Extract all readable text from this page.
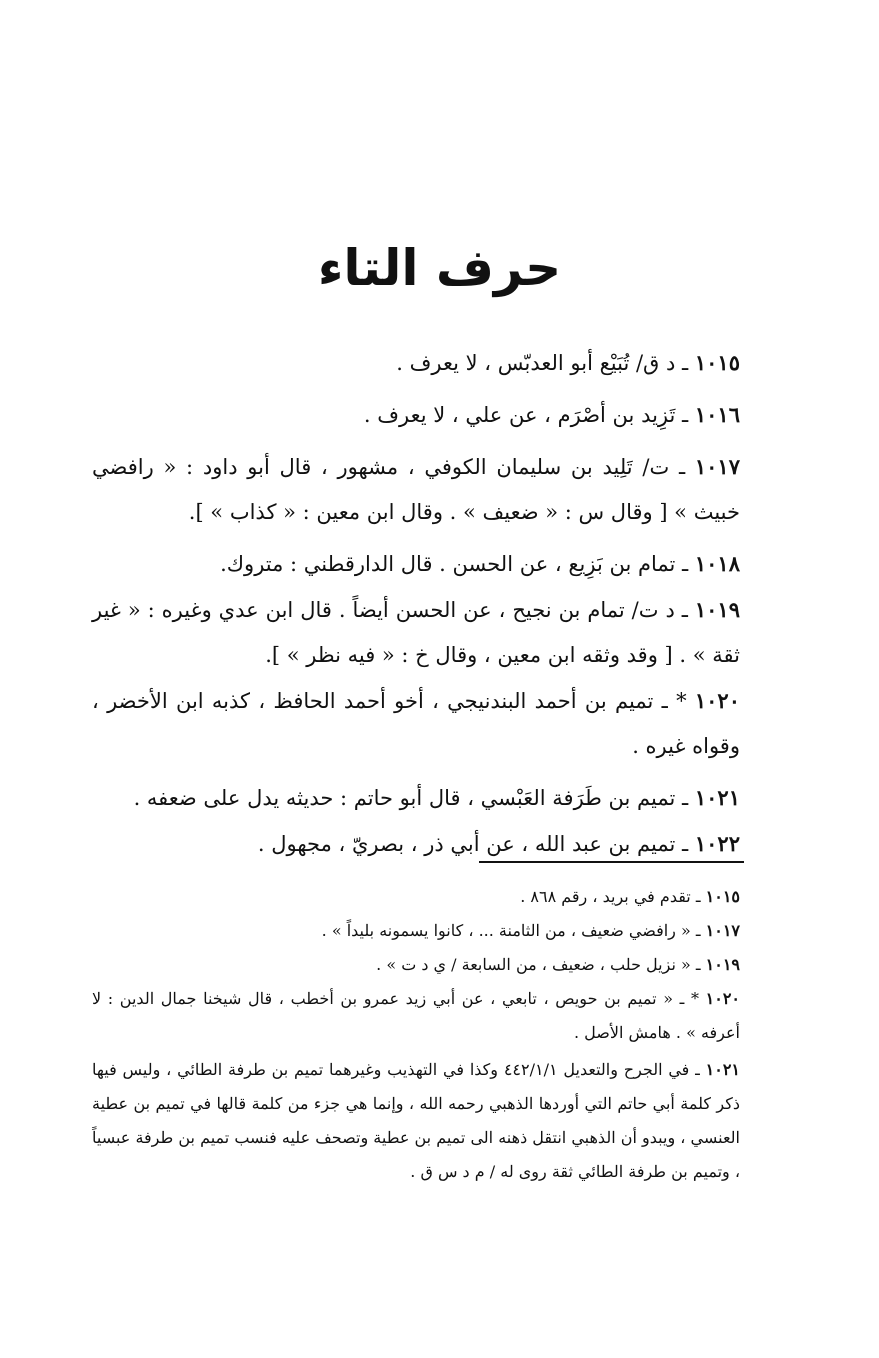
حرف التاء

١٠١٥ ـ د ق/ تُبَيْع أبو العدبّس ، لا يعرف .

١٠١٦ ـ تَزِيد بن أصْرَم ، عن علي ، لا يعرف .

١٠١٧ ـ ت/ تَلِيد بن سليمان الكوفي ، مشهور ، قال أبو داود : « رافضي خبيث » [ وقال س : « ضعيف » . وقال ابن معين : « كذاب » ].

١٠١٨ ـ تمام بن بَزِيع ، عن الحسن . قال الدارقطني : متروك.

١٠١٩ ـ د ت/ تمام بن نجيح ، عن الحسن أيضاً . قال ابن عدي وغيره : « غير ثقة » . [ وقد وثقه ابن معين ، وقال خ : « فيه نظر » ].

١٠٢٠ * ـ تميم بن أحمد البندنيجي ، أخو أحمد الحافظ ، كذبه ابن الأخضر ، وقواه غيره .

١٠٢١ ـ تميم بن طَرَفة العَبْسي ، قال أبو حاتم : حديثه يدل على ضعفه .

١٠٢٢ ـ تميم بن عبد الله ، عن أبي ذر ، بصريّ ، مجهول .

١٠١٥ ـ تقدم في بريد ، رقم ٨٦٨ .

١٠١٧ ـ « رافضي ضعيف ، من الثامنة ... ، كانوا يسمونه بليداً » .

١٠١٩ ـ « نزيل حلب ، ضعيف ، من السابعة / ي د ت » .

١٠٢٠ * ـ « تميم بن حويص ، تابعي ، عن أبي زيد عمرو بن أخطب ، قال شيخنا جمال الدين : لا أعرفه » . هامش الأصل .

١٠٢١ ـ في الجرح والتعديل ٤٤٢/١/١ وكذا في التهذيب وغيرهما تميم بن طرفة الطائي ، وليس فيها ذكر كلمة أبي حاتم التي أوردها الذهبي رحمه الله ، وإنما هي جزء من كلمة قالها في تميم بن عطية العنسي ، ويبدو أن الذهبي انتقل ذهنه الى تميم بن عطية وتصحف عليه فنسب تميم بن طرفة عبسياً ، وتميم بن طرفة الطائي ثقة روى له / م د س ق .
